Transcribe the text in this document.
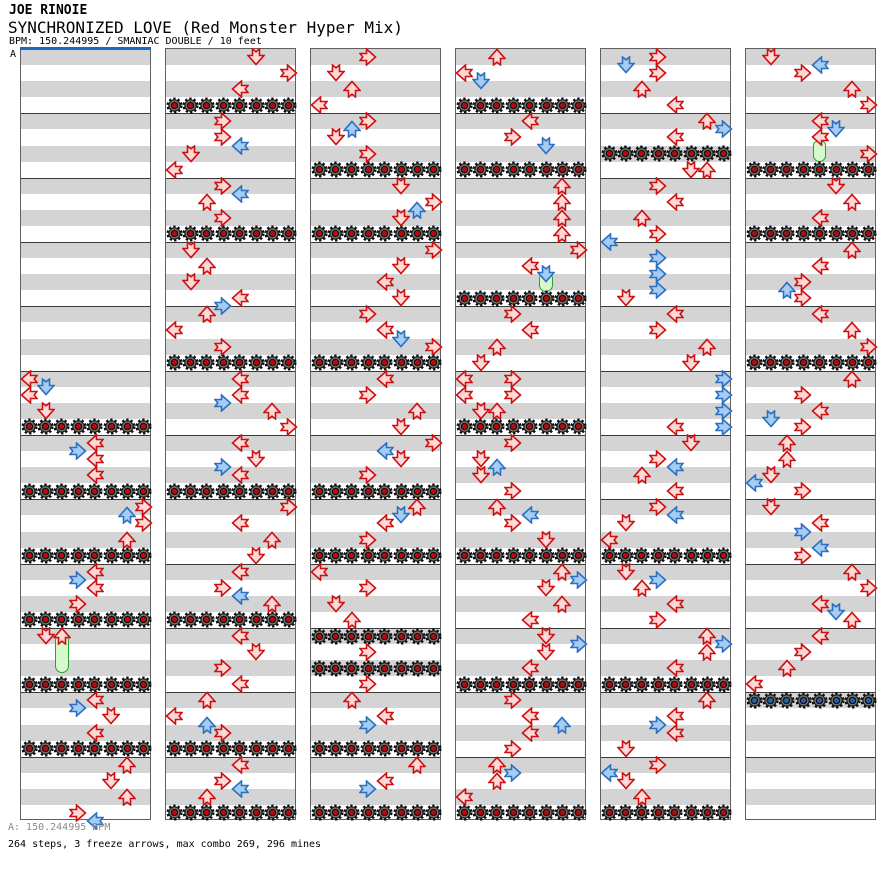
JOE RINOIE
SYNCHRONIZED LOVE (Red Monster Hyper Mix)
BPM: 150.244995 / SMANIAC DOUBLE / 10 feet
A
A: 150.244995 BPM
264 steps, 3 freeze arrows, max combo 269, 296 mines
